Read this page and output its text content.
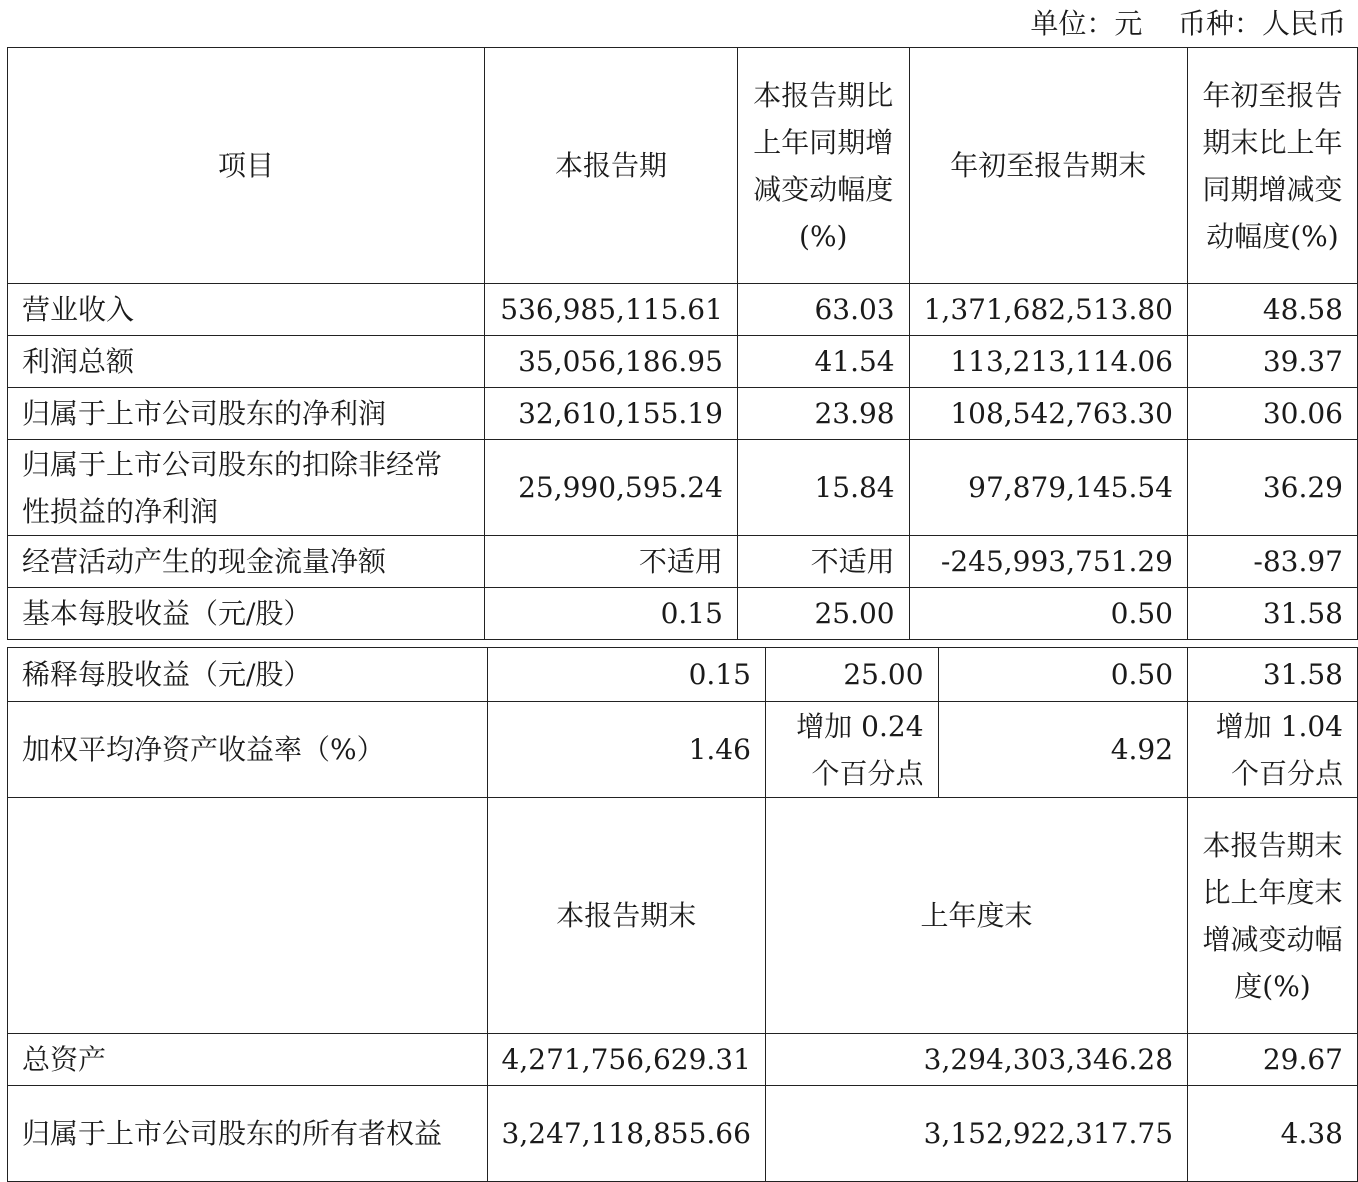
单位：元    币种：人民币
项目	本报告期	本报告期比上年同期增减变动幅度(%)	年初至报告期末	年初至报告期末比上年同期增减变动幅度(%)
营业收入	536,985,115.61	63.03	1,371,682,513.80	48.58
利润总额	35,056,186.95	41.54	113,213,114.06	39.37
归属于上市公司股东的净利润	32,610,155.19	23.98	108,542,763.30	30.06
归属于上市公司股东的扣除非经常性损益的净利润	25,990,595.24	15.84	97,879,145.54	36.29
经营活动产生的现金流量净额	不适用	不适用	-245,993,751.29	-83.97
基本每股收益（元/股）	0.15	25.00	0.50	31.58
稀释每股收益（元/股）	0.15	25.00	0.50	31.58
加权平均净资产收益率（%）	1.46	增加 0.24个百分点	4.92	增加 1.04个百分点
	本报告期末	上年度末		本报告期末比上年度末增减变动幅度(%)
总资产	4,271,756,629.31	3,294,303,346.28		29.67
归属于上市公司股东的所有者权益	3,247,118,855.66	3,152,922,317.75		4.38
